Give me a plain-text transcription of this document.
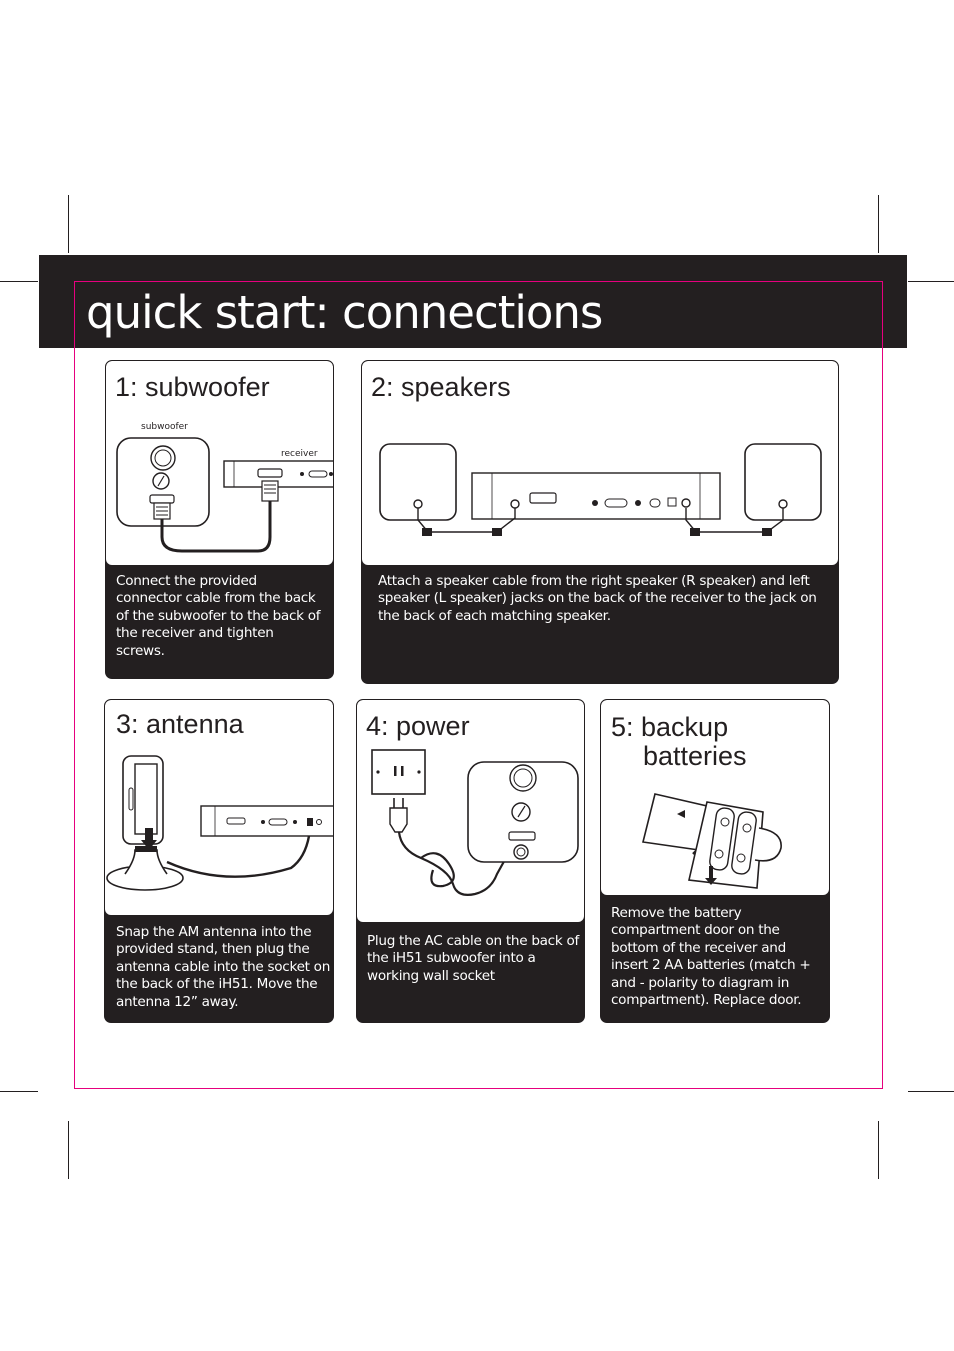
quick start: connections
1: subwoofer
subwoofer
receiver

Connect the provided connector cable from the back of the subwoofer to the back of the receiver and tighten screws.

2: speakers

Attach a speaker cable from the right speaker (R speaker) and left speaker (L speaker) jacks on the back of the receiver to the jack on the back of each matching speaker.

3: antenna

Snap the AM antenna into the provided stand, then plug the antenna cable into the socket on the back of the iH51. Move the antenna 12” away.

4: power

Plug the AC cable on the back of the iH51 subwoofer into a working wall socket

5: backup
batteries

Remove the battery compartment door on the bottom of the receiver and insert 2 AA batteries (match + and - polarity to diagram in compartment). Replace door.
